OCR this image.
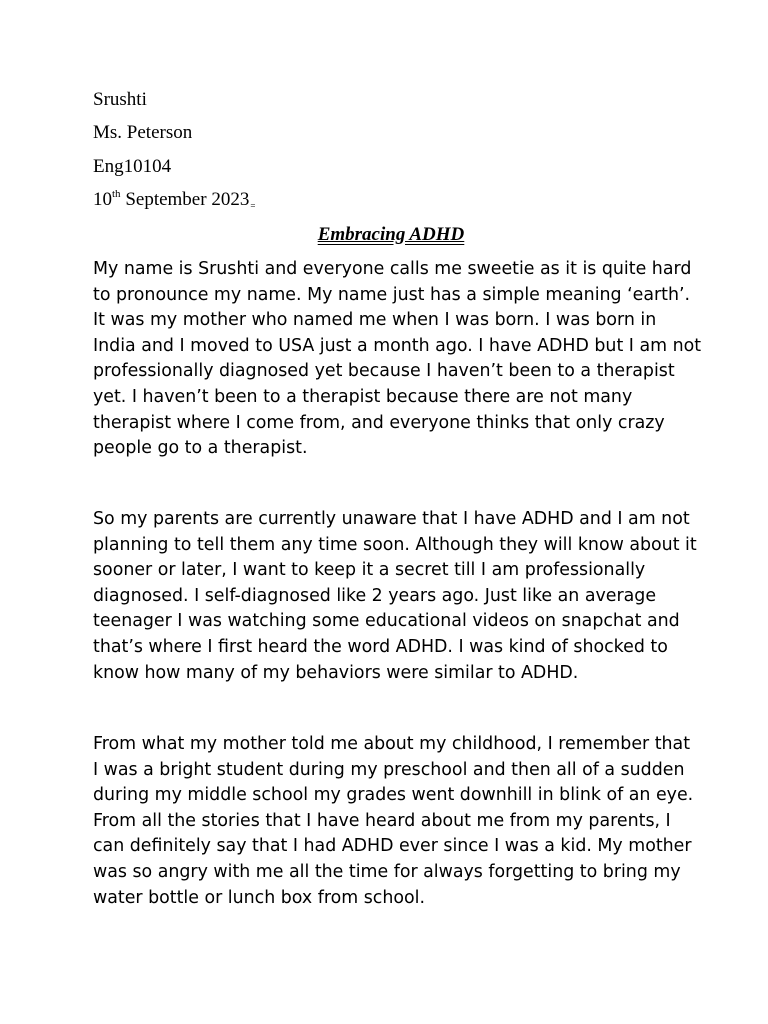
Srushti
Ms. Peterson
Eng10104
10th September 2023=
Embracing ADHD

My name is Srushti and everyone calls me sweetie as it is quite hard
to pronounce my name. My name just has a simple meaning ‘earth’.
It was my mother who named me when I was born. I was born in
India and I moved to USA just a month ago. I have ADHD but I am not
professionally diagnosed yet because I haven’t been to a therapist
yet. I haven’t been to a therapist because there are not many
therapist where I come from, and everyone thinks that only crazy
people go to a therapist.

So my parents are currently unaware that I have ADHD and I am not
planning to tell them any time soon. Although they will know about it
sooner or later, I want to keep it a secret till I am professionally
diagnosed. I self-diagnosed like 2 years ago. Just like an average
teenager I was watching some educational videos on snapchat and
that’s where I first heard the word ADHD. I was kind of shocked to
know how many of my behaviors were similar to ADHD.

From what my mother told me about my childhood, I remember that
I was a bright student during my preschool and then all of a sudden
during my middle school my grades went downhill in blink of an eye.
From all the stories that I have heard about me from my parents, I
can definitely say that I had ADHD ever since I was a kid. My mother
was so angry with me all the time for always forgetting to bring my
water bottle or lunch box from school.
